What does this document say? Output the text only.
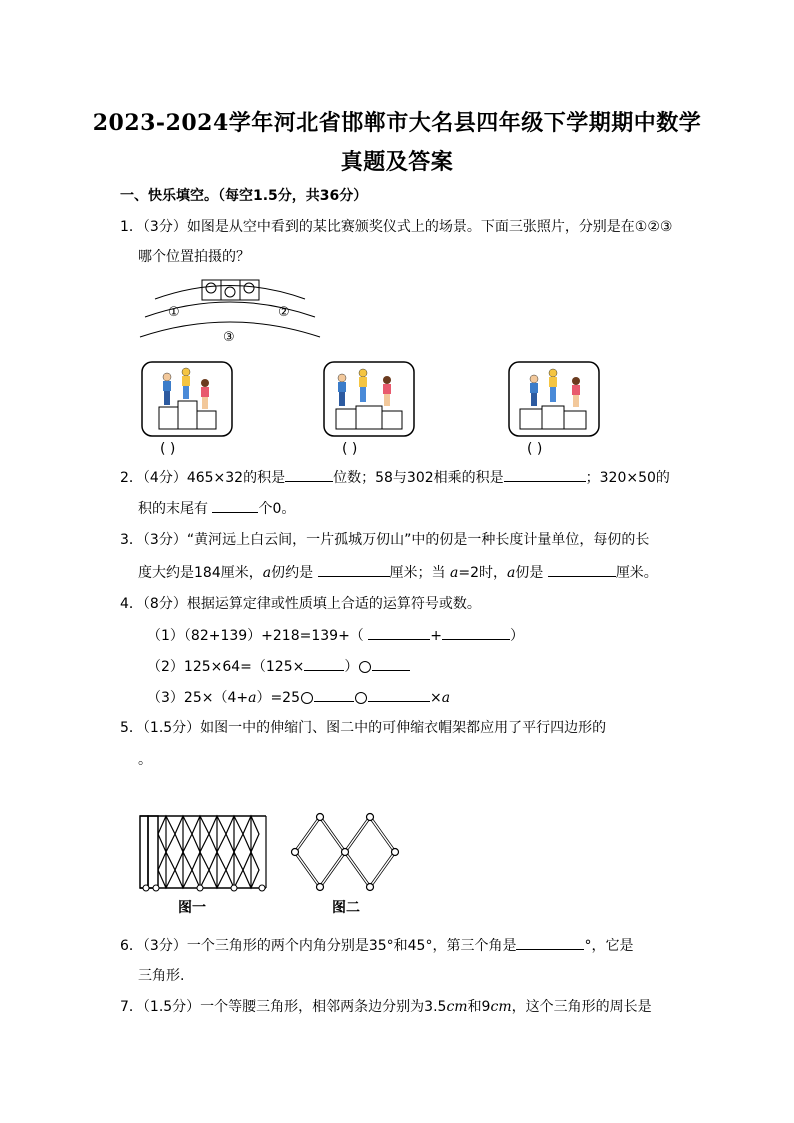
2023-2024学年河北省邯郸市大名县四年级下学期期中数学
真题及答案
一、快乐填空。（每空1.5分，共36分）
1．（3分）如图是从空中看到的某比赛颁奖仪式上的场景。下面三张照片，分别是在①②③
哪个位置拍摄的？
①	②
③
( )	( )	( )
2．（4分）465×32的积是	位数；58与302相乘的积是	；320×50的
积的末尾有	个0。
3．（3分）“黄河远上白云间，一片孤城万仞山”中的仞是一种长度计量单位，每仞的长
度大约是184厘米，a仞约是	厘米；当 a=2时，a仞是	厘米。
4．（8分）根据运算定律或性质填上合适的运算符号或数。
（1）（82+139）+218=139+（	+	）
（2）125×64=（125×	）
（3）25×（4+a）=25	×a
5．（1.5分）如图一中的伸缩门、图二中的可伸缩衣帽架都应用了平行四边形的
。
图一	图二
6．（3分）一个三角形的两个内角分别是35°和45°，第三个角是	°，它是
三角形.
7．（1.5分）一个等腰三角形，相邻两条边分别为3.5cm和9cm，这个三角形的周长是
